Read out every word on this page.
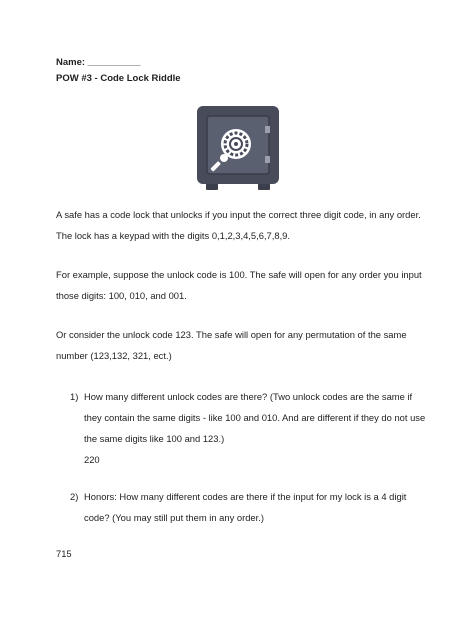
Name: __________
POW #3 - Code Lock Riddle
A safe has a code lock that unlocks if you input the correct three digit code, in any order. The lock has a keypad with the digits 0,1,2,3,4,5,6,7,8,9.
For example, suppose the unlock code is 100. The safe will open for any order you input those digits: 100, 010, and 001.
Or consider the unlock code 123. The safe will open for any permutation of the same number (123,132, 321, ect.)
1) How many different unlock codes are there? (Two unlock codes are the same if they contain the same digits - like 100 and 010. And are different if they do not use the same digits like 100 and 123.)
220
2) Honors: How many different codes are there if the input for my lock is a 4 digit code? (You may still put them in any order.)
715
